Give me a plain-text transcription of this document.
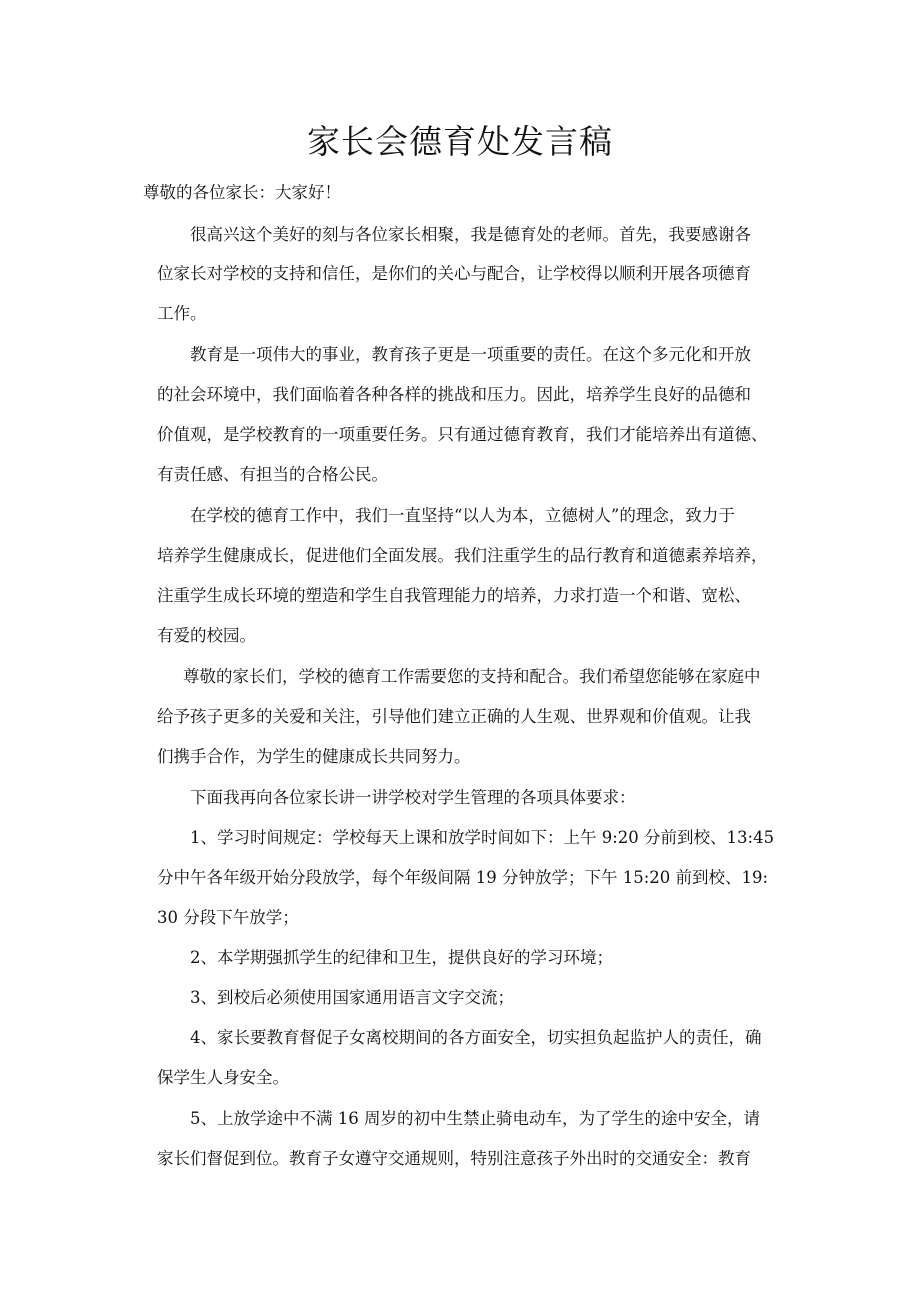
家长会德育处发言稿
尊敬的各位家长：大家好！
很高兴这个美好的刻与各位家长相聚，我是德育处的老师。首先，我要感谢各
位家长对学校的支持和信任，是你们的关心与配合，让学校得以顺利开展各项德育
工作。
教育是一项伟大的事业，教育孩子更是一项重要的责任。在这个多元化和开放
的社会环境中，我们面临着各种各样的挑战和压力。因此，培养学生良好的品德和
价值观，是学校教育的一项重要任务。只有通过德育教育，我们才能培养出有道德、
有责任感、有担当的合格公民。
在学校的德育工作中，我们一直坚持“以人为本，立德树人”的理念，致力于
培养学生健康成长，促进他们全面发展。我们注重学生的品行教育和道德素养培养，
注重学生成长环境的塑造和学生自我管理能力的培养，力求打造一个和谐、宽松、
有爱的校园。
尊敬的家长们，学校的德育工作需要您的支持和配合。我们希望您能够在家庭中
给予孩子更多的关爱和关注，引导他们建立正确的人生观、世界观和价值观。让我
们携手合作，为学生的健康成长共同努力。
下面我再向各位家长讲一讲学校对学生管理的各项具体要求：
1、学习时间规定：学校每天上课和放学时间如下：上午 9:20 分前到校、13:45
分中午各年级开始分段放学，每个年级间隔 19 分钟放学；下午 15:20 前到校、19:
30 分段下午放学；
2、本学期强抓学生的纪律和卫生，提供良好的学习环境；
3、到校后必须使用国家通用语言文字交流；
4、家长要教育督促子女离校期间的各方面安全，切实担负起监护人的责任，确
保学生人身安全。
5、上放学途中不满 16 周岁的初中生禁止骑电动车，为了学生的途中安全，请
家长们督促到位。教育子女遵守交通规则，特别注意孩子外出时的交通安全：教育
